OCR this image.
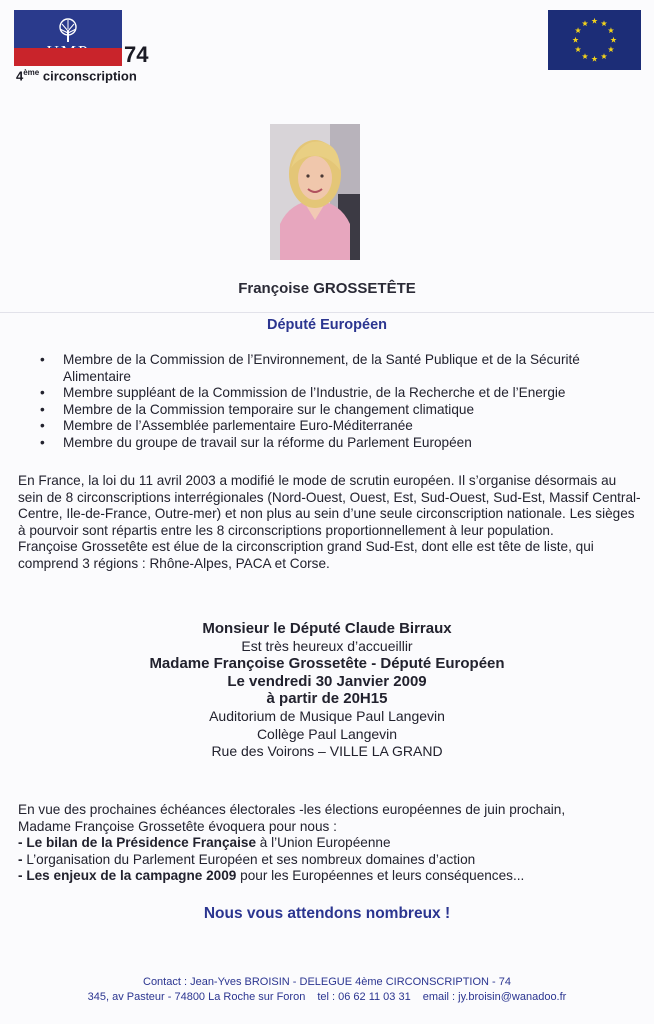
74
4ème circonscription
Françoise GROSSETÊTE
Député Européen
• Membre de la Commission de l’Environnement, de la Santé Publique et de la Sécurité Alimentaire
• Membre suppléant de la Commission de l’Industrie, de la Recherche et de l’Energie
• Membre de la Commission temporaire sur le changement climatique
• Membre de l’Assemblée parlementaire Euro-Méditerranée
• Membre du groupe de travail sur la réforme du Parlement Européen

En France, la loi du 11 avril 2003 a modifié le mode de scrutin européen. Il s’organise désormais au sein de 8 circonscriptions interrégionales (Nord-Ouest, Ouest, Est, Sud-Ouest, Sud-Est, Massif Central-Centre, Ile-de-France, Outre-mer) et non plus au sein d’une seule circonscription nationale. Les sièges à pourvoir sont répartis entre les 8 circonscriptions proportionnellement à leur population.

Françoise Grossetête est élue de la circonscription grand Sud-Est, dont elle est tête de liste, qui comprend 3 régions : Rhône-Alpes, PACA et Corse.

Monsieur le Député Claude Birraux
Est très heureux d’accueillir
Madame Françoise Grossetête - Député Européen
Le vendredi 30 Janvier 2009
à partir de 20H15
Auditorium de Musique Paul Langevin
Collège Paul Langevin
Rue des Voirons – VILLE LA GRAND
En vue des prochaines échéances électorales -les élections européennes de juin prochain,
Madame Françoise Grossetête évoquera pour nous :
- Le bilan de la Présidence Française à l’Union Européenne
- L’organisation du Parlement Européen et ses nombreux domaines d’action
- Les enjeux de la campagne 2009 pour les Européennes et leurs conséquences...
Nous vous attendons nombreux !
Contact : Jean-Yves BROISIN - DELEGUE 4ème CIRCONSCRIPTION - 74
345, av Pasteur - 74800 La Roche sur Foron tel : 06 62 11 03 31 email : jy.broisin@wanadoo.fr
